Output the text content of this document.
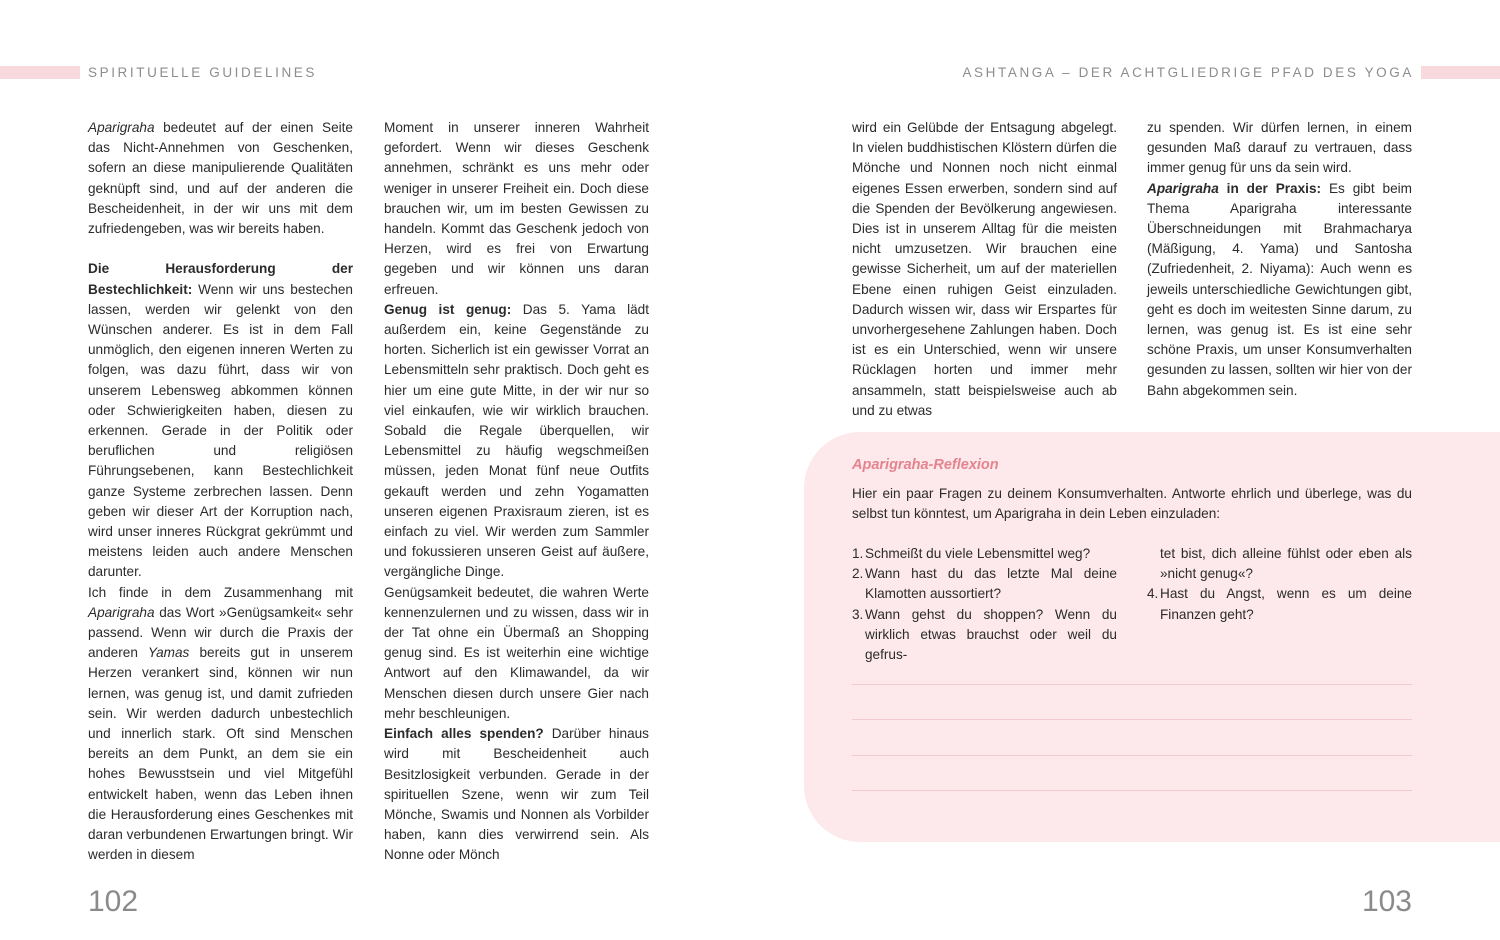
SPIRITUELLE GUIDELINES	ASHTANGA – DER ACHTGLIEDRIGE PFAD DES YOGA

Aparigraha bedeutet auf der einen Seite das Nicht-Annehmen von Geschenken, sofern an diese manipulierende Qualitäten geknüpft sind, und auf der anderen die Bescheidenheit, in der wir uns mit dem zufriedengeben, was wir bereits haben.

Die Herausforderung der Bestechlichkeit: Wenn wir uns bestechen lassen, werden wir gelenkt von den Wünschen anderer. Es ist in dem Fall unmöglich, den eigenen inneren Werten zu folgen, was dazu führt, dass wir von unserem Lebensweg abkommen können oder Schwierigkeiten haben, diesen zu erkennen. Gerade in der Politik oder beruflichen und religiösen Führungsebenen, kann Bestechlichkeit ganze Systeme zerbrechen lassen. Denn geben wir dieser Art der Korruption nach, wird unser inneres Rückgrat gekrümmt und meistens leiden auch andere Menschen darunter.

Ich finde in dem Zusammenhang mit Aparigraha das Wort »Genügsamkeit« sehr passend. Wenn wir durch die Praxis der anderen Yamas bereits gut in unserem Herzen verankert sind, können wir nun lernen, was genug ist, und damit zufrieden sein. Wir werden dadurch unbestechlich und innerlich stark. Oft sind Menschen bereits an dem Punkt, an dem sie ein hohes Bewusstsein und viel Mitgefühl entwickelt haben, wenn das Leben ihnen die Herausforderung eines Geschenkes mit daran verbundenen Erwartungen bringt. Wir werden in diesem

Moment in unserer inneren Wahrheit gefordert. Wenn wir dieses Geschenk annehmen, schränkt es uns mehr oder weniger in unserer Freiheit ein. Doch diese brauchen wir, um im besten Gewissen zu handeln. Kommt das Geschenk jedoch von Herzen, wird es frei von Erwartung gegeben und wir können uns daran erfreuen.

Genug ist genug: Das 5. Yama lädt außerdem ein, keine Gegenstände zu horten. Sicherlich ist ein gewisser Vorrat an Lebensmitteln sehr praktisch. Doch geht es hier um eine gute Mitte, in der wir nur so viel einkaufen, wie wir wirklich brauchen. Sobald die Regale überquellen, wir Lebensmittel zu häufig wegschmeißen müssen, jeden Monat fünf neue Outfits gekauft werden und zehn Yogamatten unseren eigenen Praxisraum zieren, ist es einfach zu viel. Wir werden zum Sammler und fokussieren unseren Geist auf äußere, vergängliche Dinge.

Genügsamkeit bedeutet, die wahren Werte kennenzulernen und zu wissen, dass wir in der Tat ohne ein Übermaß an Shopping genug sind. Es ist weiterhin eine wichtige Antwort auf den Klimawandel, da wir Menschen diesen durch unsere Gier nach mehr beschleunigen.

Einfach alles spenden? Darüber hinaus wird mit Bescheidenheit auch Besitzlosigkeit verbunden. Gerade in der spirituellen Szene, wenn wir zum Teil Mönche, Swamis und Nonnen als Vorbilder haben, kann dies verwirrend sein. Als Nonne oder Mönch

wird ein Gelübde der Entsagung abgelegt. In vielen buddhistischen Klöstern dürfen die Mönche und Nonnen noch nicht einmal eigenes Essen erwerben, sondern sind auf die Spenden der Bevölkerung angewiesen. Dies ist in unserem Alltag für die meisten nicht umzusetzen. Wir brauchen eine gewisse Sicherheit, um auf der materiellen Ebene einen ruhigen Geist einzuladen. Dadurch wissen wir, dass wir Erspartes für unvorhergesehene Zahlungen haben. Doch ist es ein Unterschied, wenn wir unsere Rücklagen horten und immer mehr ansammeln, statt beispielsweise auch ab und zu etwas

zu spenden. Wir dürfen lernen, in einem gesunden Maß darauf zu vertrauen, dass immer genug für uns da sein wird.

Aparigraha in der Praxis: Es gibt beim Thema Aparigraha interessante Überschneidungen mit Brahmacharya (Mäßigung, 4. Yama) und Santosha (Zufriedenheit, 2. Niyama): Auch wenn es jeweils unterschiedliche Gewichtungen gibt, geht es doch im weitesten Sinne darum, zu lernen, was genug ist. Es ist eine sehr schöne Praxis, um unser Konsumverhalten gesunden zu lassen, sollten wir hier von der Bahn abgekommen sein.

Aparigraha-Reflexion
Hier ein paar Fragen zu deinem Konsumverhalten. Antworte ehrlich und überlege, was du selbst tun könntest, um Aparigraha in dein Leben einzuladen:
1. Schmeißt du viele Lebensmittel weg?
2. Wann hast du das letzte Mal deine Klamotten aussortiert?
3. Wann gehst du shoppen? Wenn du wirklich etwas brauchst oder weil du gefrus-
tet bist, dich alleine fühlst oder eben als »nicht genug«?
4. Hast du Angst, wenn es um deine Finanzen geht?
102	103
